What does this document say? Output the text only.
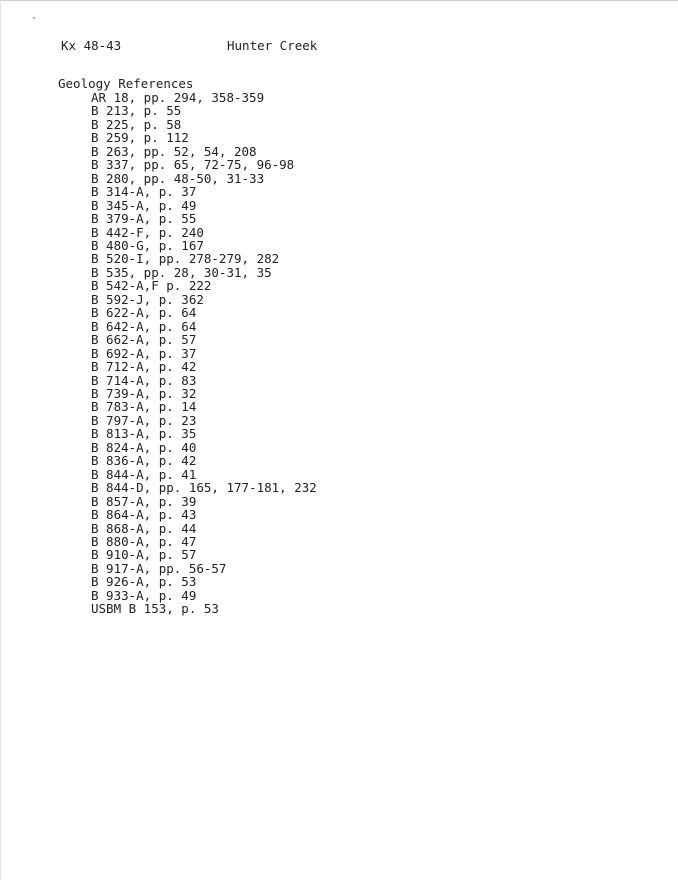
Kx 48-43	Hunter Creek
Geology References
AR 18, pp. 294, 358-359
B 213, p. 55
B 225, p. 58
B 259, p. 112
B 263, pp. 52, 54, 208
B 337, pp. 65, 72-75, 96-98
B 280, pp. 48-50, 31-33
B 314-A, p. 37
B 345-A, p. 49
B 379-A, p. 55
B 442-F, p. 240
B 480-G, p. 167
B 520-I, pp. 278-279, 282
B 535, pp. 28, 30-31, 35
B 542-A,F p. 222
B 592-J, p. 362
B 622-A, p. 64
B 642-A, p. 64
B 662-A, p. 57
B 692-A, p. 37
B 712-A, p. 42
B 714-A, p. 83
B 739-A, p. 32
B 783-A, p. 14
B 797-A, p. 23
B 813-A, p. 35
B 824-A, p. 40
B 836-A, p. 42
B 844-A, p. 41
B 844-D, pp. 165, 177-181, 232
B 857-A, p. 39
B 864-A, p. 43
B 868-A, p. 44
B 880-A, p. 47
B 910-A, p. 57
B 917-A, pp. 56-57
B 926-A, p. 53
B 933-A, p. 49
USBM B 153, p. 53
